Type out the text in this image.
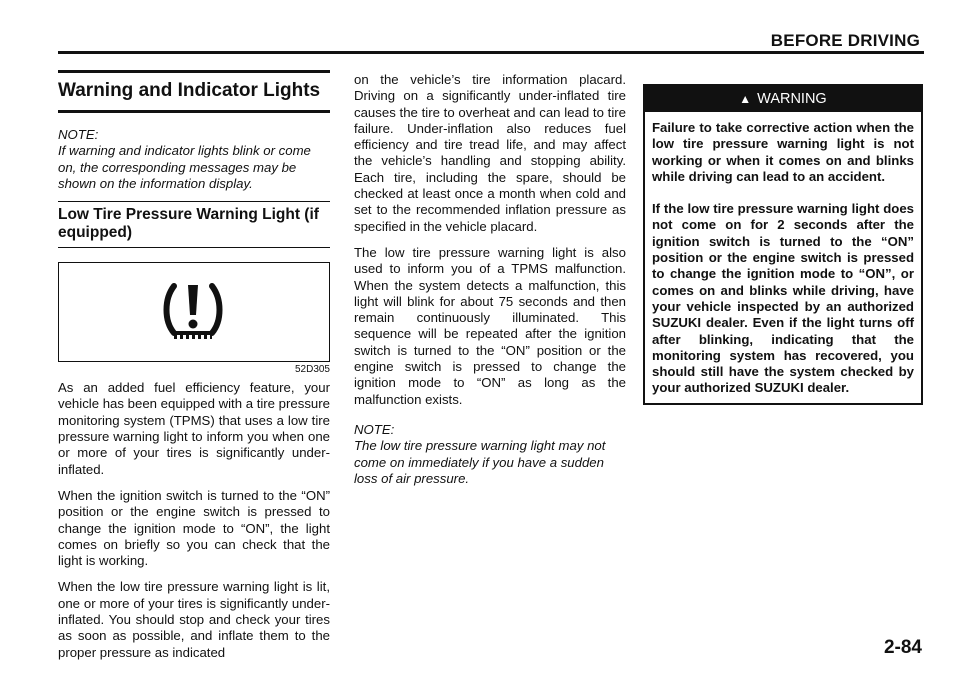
BEFORE DRIVING
Warning and Indicator Lights
NOTE:
If warning and indicator lights blink or come on, the corresponding messages may be shown on the information display.
Low Tire Pressure Warning Light (if equipped)
52D305

As an added fuel efficiency feature, your vehicle has been equipped with a tire pressure monitoring system (TPMS) that uses a low tire pressure warning light to inform you when one or more of your tires is significantly under-inflated.

When the ignition switch is turned to the “ON” position or the engine switch is pressed to change the ignition mode to “ON”, the light comes on briefly so you can check that the light is working.

When the low tire pressure warning light is lit, one or more of your tires is significantly under-inflated. You should stop and check your tires as soon as possible, and inflate them to the proper pressure as indicated

on the vehicle’s tire information placard. Driving on a significantly under-inflated tire causes the tire to overheat and can lead to tire failure. Under-inflation also reduces fuel efficiency and tire tread life, and may affect the vehicle’s handling and stopping ability. Each tire, including the spare, should be checked at least once a month when cold and set to the recommended inflation pressure as specified in the vehicle placard.

The low tire pressure warning light is also used to inform you of a TPMS malfunction. When the system detects a malfunction, this light will blink for about 75 seconds and then remain continuously illuminated. This sequence will be repeated after the ignition switch is turned to the “ON” position or the engine switch is pressed to change the ignition mode to “ON” as long as the malfunction exists.

NOTE:
The low tire pressure warning light may not come on immediately if you have a sudden loss of air pressure.
▲ WARNING

Failure to take corrective action when the low tire pressure warning light is not working or when it comes on and blinks while driving can lead to an accident.

If the low tire pressure warning light does not come on for 2 seconds after the ignition switch is turned to the “ON” position or the engine switch is pressed to change the ignition mode to “ON”, or comes on and blinks while driving, have your vehicle inspected by an authorized SUZUKI dealer. Even if the light turns off after blinking, indicating that the monitoring system has recovered, you should still have the system checked by your authorized SUZUKI dealer.

2-84
